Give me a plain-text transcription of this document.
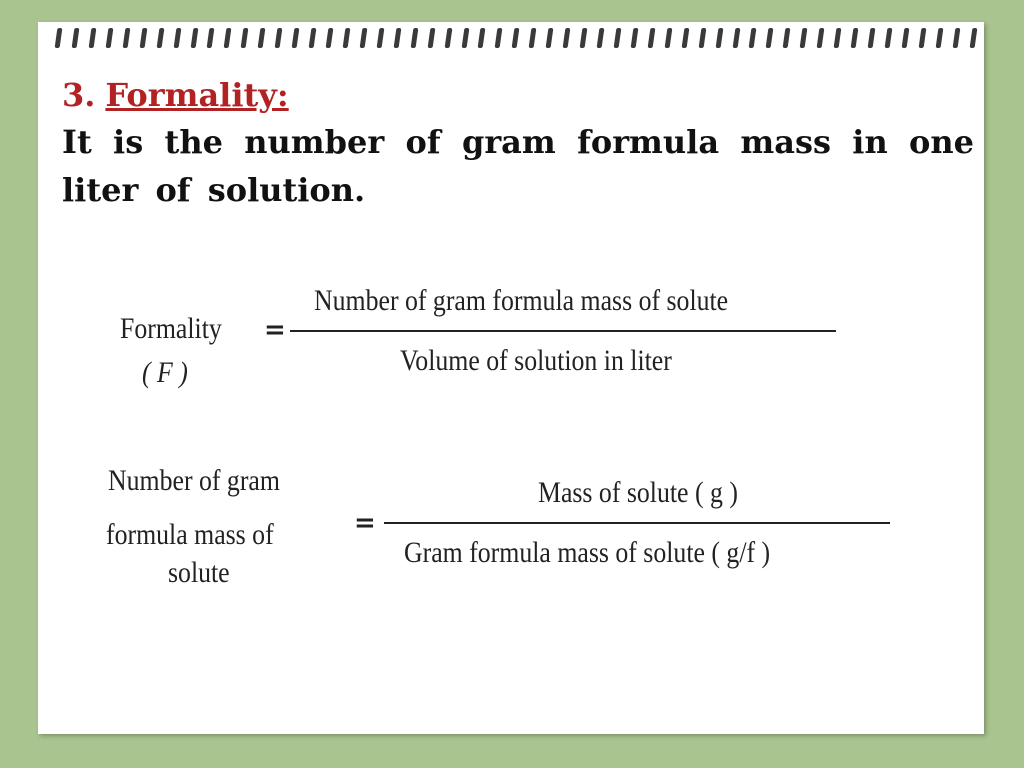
3. Formality:

It is the number of gram formula mass in one liter of solution.

Formality
( F )
=
Number of gram formula mass of solute
Volume of solution in liter
Number of gram
formula mass of
solute
=
Mass of solute ( g )
Gram formula mass of solute ( g/f )
